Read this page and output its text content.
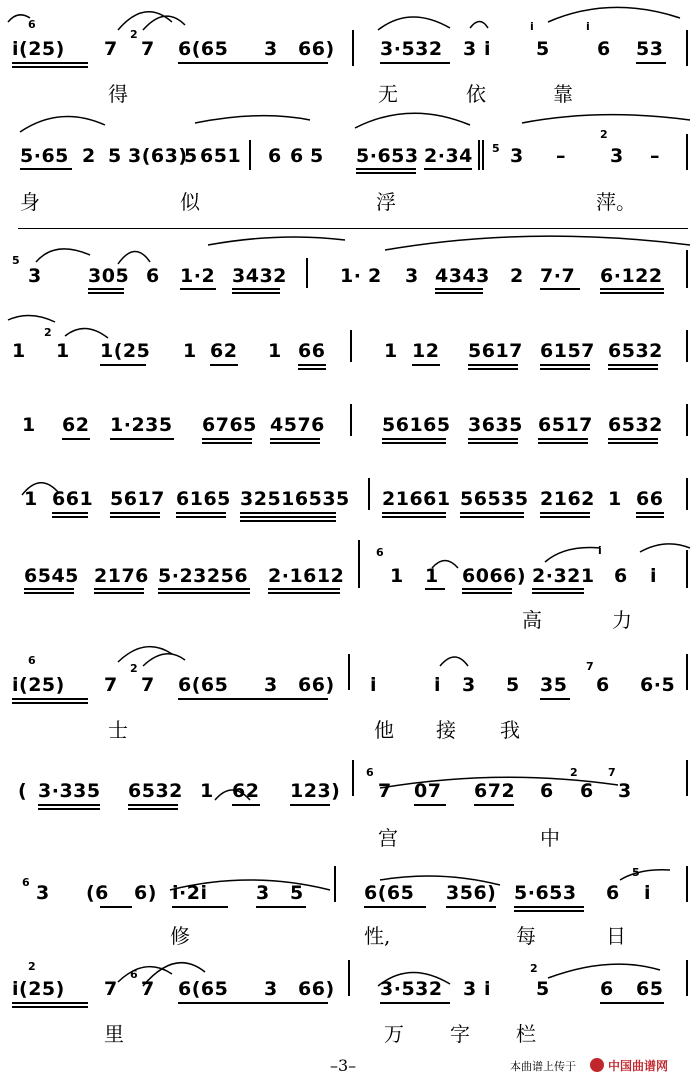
6
i(25) 7
2
7 6(65 3 66) 3·532 3 i
i
5
i
6 53
得	无	依	靠
5·65 2 5 3(63)
5 651 6 6 5 5·653 2·34 5 3 –
2
3 –
身	似	浮	萍。
5
3 305 6 1·2 3432	1· 2 3 4343 2 7·7 6·122
1
2
1 1(25 1 62 1 66	1 12 5617 6157 6532
1 62 1·235 6765 4576	56165 3635 6517 6532
1 661 5617 6165 32516535 21661 56535 2162 1 66
6545 2176 5·23256 2·1612
6
1 1 6066) 2·321
i
6 i
高	力
6
i(25) 7
2
7 6(65 3 66) i	i 3 5 35
7
6 6·5
士	他 接 我
( 3·335 6532 1 62 123)
6
7 07 672 6
2
6
7
3
宫	中
6 3 (6 6) i·2i	3 5	6(65 356) 5·653 6
5
i
修	性,	每	日
2
i(25) 7
6
7 6(65 3 66) 3·532 3 i
2
5	6 65
里	万 字 栏
–3–	本曲谱上传于	中国曲谱网
